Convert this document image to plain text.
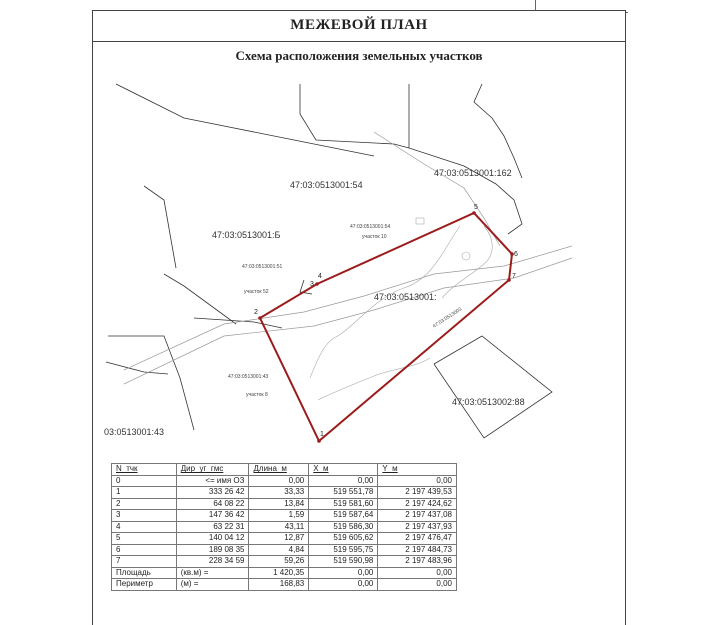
МЕЖЕВОЙ ПЛАН
Схема расположения земельных участков
1
2
3
4
5
6
7
47:03:0513001:54
47:03:0513001:162
47:03:0513001:Б
47:03:0513001:
47:03:0513002:88
03:0513001:43
47:03:0513001:54
участок 10
47:03:0513001:51
участок 52
47:03:0513001:43
участок 8
47:03:0513003
N_тчк	Дир_уг_гмс	Длина_м	X_м	Y_м
0	<= имя ОЗ	0,00	0,00	0,00
1	333 26 42	33,33	519 551,78	2 197 439,53
2	64 08 22	13,84	519 581,60	2 197 424,62
3	147 36 42	1,59	519 587,64	2 197 437,08
4	63 22 31	43,11	519 586,30	2 197 437,93
5	140 04 12	12,87	519 605,62	2 197 476,47
6	189 08 35	4,84	519 595,75	2 197 484,73
7	228 34 59	59,26	519 590,98	2 197 483,96
Площадь	(кв.м) =	1 420,35	0,00	0,00
Периметр	(м) =	168,83	0,00	0,00
